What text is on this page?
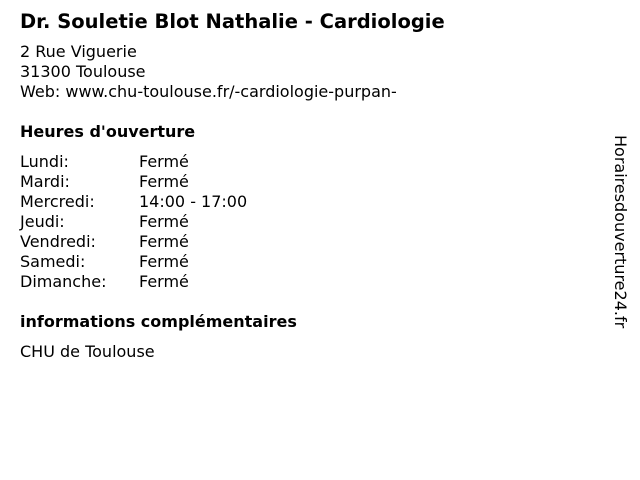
Dr. Souletie Blot Nathalie - Cardiologie
2 Rue Viguerie
31300 Toulouse
Web: www.chu-toulouse.fr/-cardiologie-purpan-
Heures d'ouverture
Lundi:	Fermé
Mardi:	Fermé
Mercredi:	14:00 - 17:00
Jeudi:	Fermé
Vendredi:	Fermé
Samedi:	Fermé
Dimanche:	Fermé
informations complémentaires
CHU de Toulouse
Horairesdouverture24.fr
